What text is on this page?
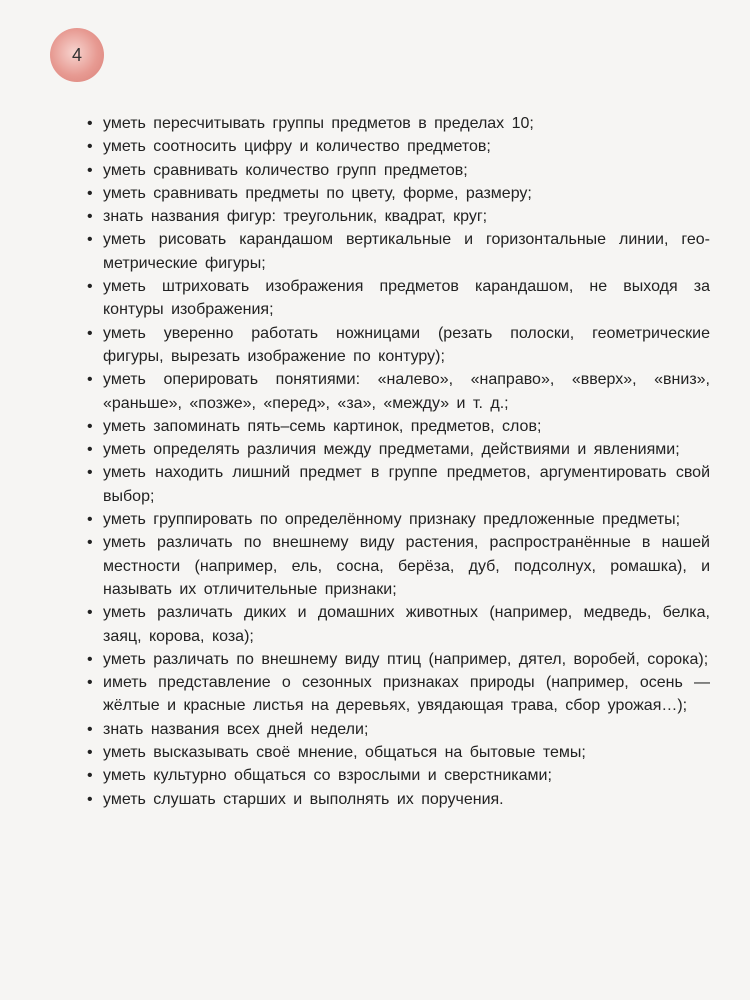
4
• уметь пересчитывать группы предметов в пределах 10;
• уметь соотносить цифру и количество предметов;
• уметь сравнивать количество групп предметов;
• уметь сравнивать предметы по цвету, форме, размеру;
• знать названия фигур: треугольник, квадрат, круг;
• уметь рисовать карандашом вертикальные и горизонтальные линии, геометрические фигуры;
• уметь штриховать изображения предметов карандашом, не выходя за контуры изображения;
• уметь уверенно работать ножницами (резать полоски, геометрические фигуры, вырезать изображение по контуру);
• уметь оперировать понятиями: «налево», «направо», «вверх», «вниз», «раньше», «позже», «перед», «за», «между» и т. д.;
• уметь запоминать пять–семь картинок, предметов, слов;
• уметь определять различия между предметами, действиями и явлениями;
• уметь находить лишний предмет в группе предметов, аргументировать свой выбор;
• уметь группировать по определённому признаку предложенные предметы;
• уметь различать по внешнему виду растения, распространённые в нашей местности (например, ель, сосна, берёза, дуб, подсолнух, ромашка), и называть их отличительные признаки;
• уметь различать диких и домашних животных (например, медведь, белка, заяц, корова, коза);
• уметь различать по внешнему виду птиц (например, дятел, воробей, сорока);
• иметь представление о сезонных признаках природы (например, осень — жёлтые и красные листья на деревьях, увядающая трава, сбор урожая…);
• знать названия всех дней недели;
• уметь высказывать своё мнение, общаться на бытовые темы;
• уметь культурно общаться со взрослыми и сверстниками;
• уметь слушать старших и выполнять их поручения.
